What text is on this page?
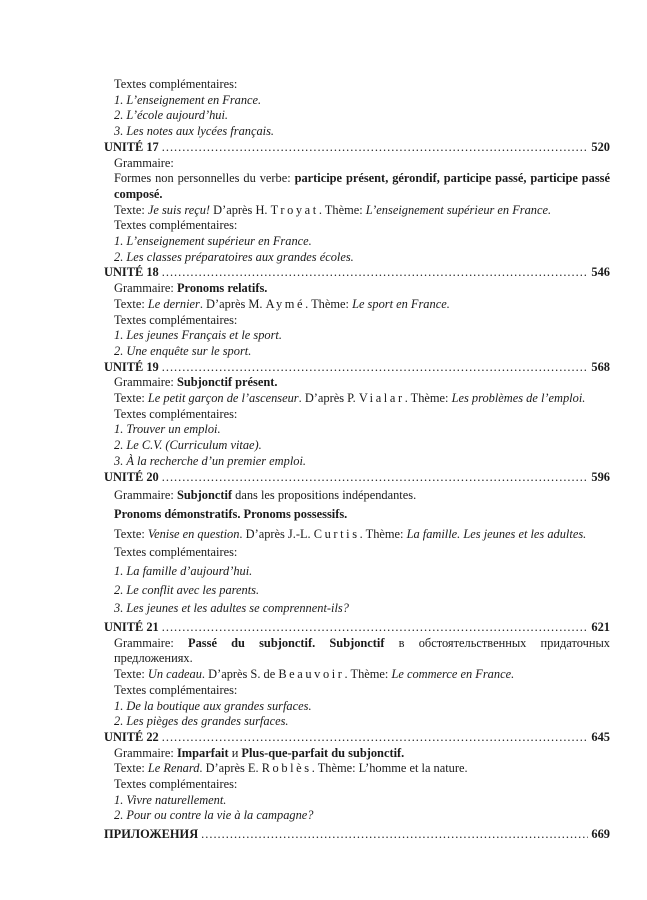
Textes complémentaires:
1. L’enseignement en France.
2. L’école aujourd’hui.
3. Les notes aux lycées français.
UNITÉ 17 .....	520
Grammaire:
Formes non personnelles du verbe: participe présent, gérondif, participe passé, participe passé composé.
Texte: Je suis reçu! D’après H. Troyat. Thème: L’enseignement supérieur en France.
Textes complémentaires:
1. L’enseignement supérieur en France.
2. Les classes préparatoires aux grandes écoles.
UNITÉ 18 .....	546
Grammaire: Pronoms relatifs.
Texte: Le dernier. D’après M. Aymé. Thème: Le sport en France.
Textes complémentaires:
1. Les jeunes Français et le sport.
2. Une enquête sur le sport.
UNITÉ 19 .....	568
Grammaire: Subjonctif présent.
Texte: Le petit garçon de l’ascenseur. D’après P. Vialar. Thème: Les problèmes de l’emploi.
Textes complémentaires:
1. Trouver un emploi.
2. Le C.V. (Curriculum vitae).
3. À la recherche d’un premier emploi.
UNITÉ 20 .....	596
Grammaire: Subjonctif dans les propositions indépendantes.
Pronoms démonstratifs. Pronoms possessifs.
Texte: Venise en question. D’après J.-L. Curtis. Thème: La famille. Les jeunes et les adultes.
Textes complémentaires:
1. La famille d’aujourd’hui.
2. Le conflit avec les parents.
3. Les jeunes et les adultes se comprennent-ils?
UNITÉ 21 .....	621
Grammaire: Passé du subjonctif. Subjonctif в обстоятельственных придаточных предложениях.
Texte: Un cadeau. D’après S. de Beauvoir. Thème: Le commerce en France.
Textes complémentaires:
1. De la boutique aux grandes surfaces.
2. Les pièges des grandes surfaces.
UNITÉ 22 .....	645
Grammaire: Imparfait и Plus-que-parfait du subjonctif.
Texte: Le Renard. D’après E. Roblès. Thème: L’homme et la nature.
Textes complémentaires:
1. Vivre naturellement.
2. Pour ou contre la vie à la campagne?
ПРИЛОЖЕНИЯ .....	669
